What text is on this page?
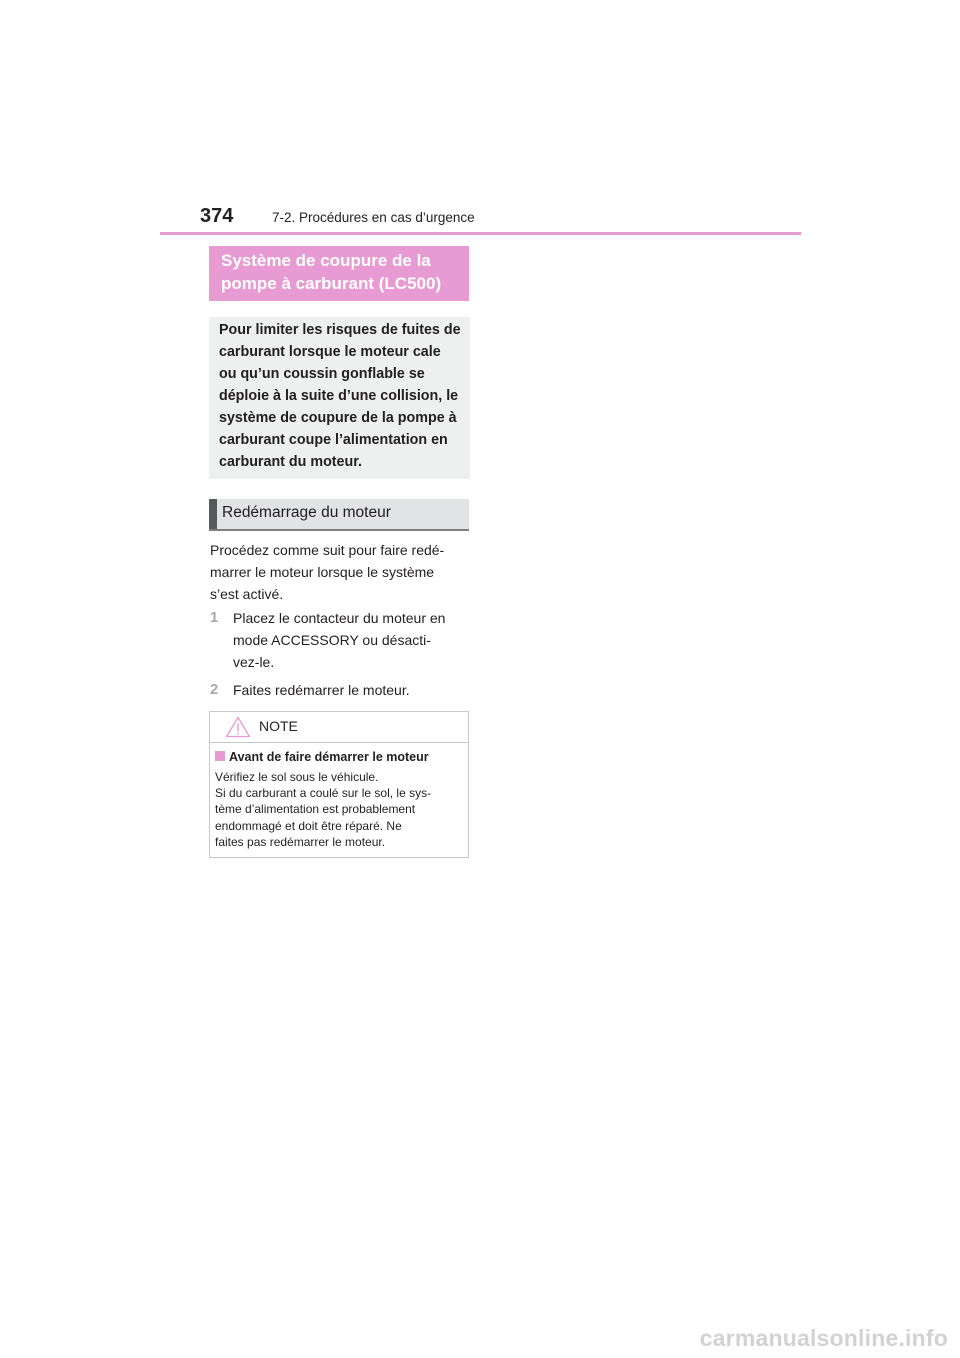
374	7-2. Procédures en cas d’urgence
Système de coupure de la
pompe à carburant (LC500)
Pour limiter les risques de fuites de
carburant lorsque le moteur cale
ou qu’un coussin gonflable se
déploie à la suite d’une collision, le
système de coupure de la pompe à
carburant coupe l’alimentation en
carburant du moteur.
Redémarrage du moteur
Procédez comme suit pour faire redé-
marrer le moteur lorsque le système
s’est activé.
1 Placez le contacteur du moteur en
mode ACCESSORY ou désacti-
vez-le.
2 Faites redémarrer le moteur.
NOTE
Avant de faire démarrer le moteur
Vérifiez le sol sous le véhicule.
Si du carburant a coulé sur le sol, le sys-
tème d’alimentation est probablement
endommagé et doit être réparé. Ne
faites pas redémarrer le moteur.
carmanualsonline.info
